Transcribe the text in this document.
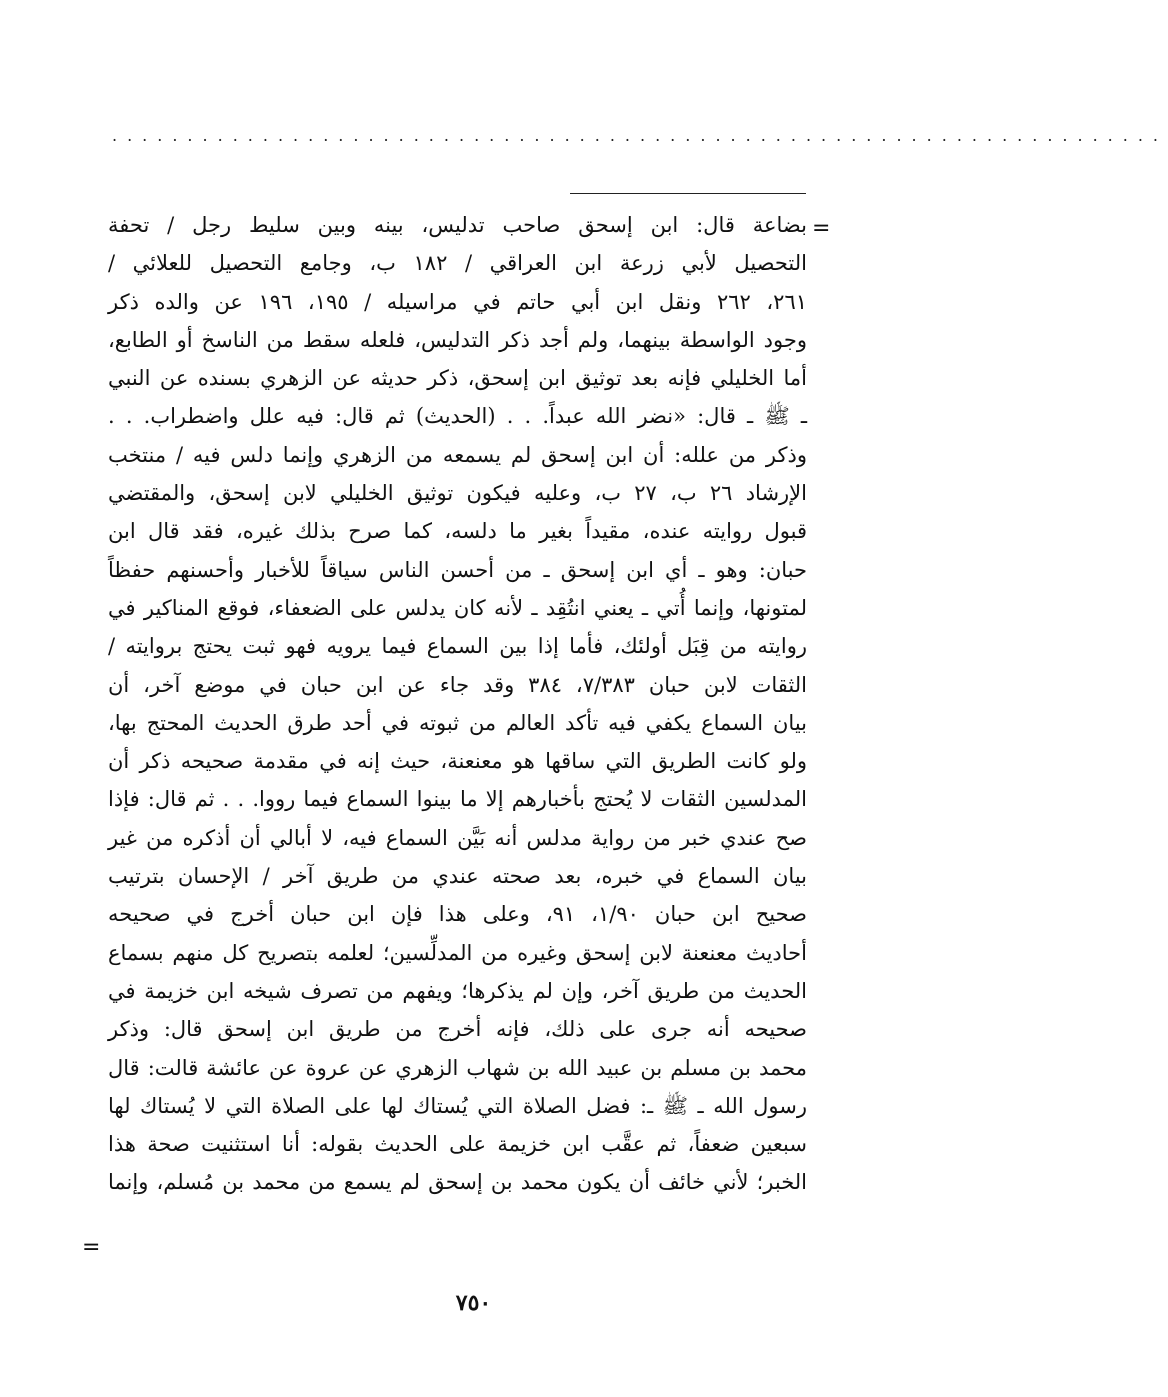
......................................................................
=
بضاعة قال: ابن إسحق صاحب تدليس، بينه وبين سليط رجل / تحفة
التحصيل لأبي زرعة ابن العراقي / ١٨٢ ب، وجامع التحصيل للعلائي /
٢٦١، ٢٦٢ ونقل ابن أبي حاتم في مراسيله / ١٩٥، ١٩٦ عن والده ذكر
وجود الواسطة بينهما، ولم أجد ذكر التدليس، فلعله سقط من الناسخ أو الطابع،
أما الخليلي فإنه بعد توثيق ابن إسحق، ذكر حديثه عن الزهري بسنده عن النبي
ـ ﷺ ـ قال: «نضر الله عبداً. . . (الحديث) ثم قال: فيه علل واضطراب. . .
وذكر من علله: أن ابن إسحق لم يسمعه من الزهري وإنما دلس فيه / منتخب
الإرشاد ٢٦ ب، ٢٧ ب، وعليه فيكون توثيق الخليلي لابن إسحق، والمقتضي
قبول روايته عنده، مقيداً بغير ما دلسه، كما صرح بذلك غيره، فقد قال ابن
حبان: وهو ـ أي ابن إسحق ـ من أحسن الناس سياقاً للأخبار وأحسنهم حفظاً
لمتونها، وإنما أُتي ـ يعني انتُقِد ـ لأنه كان يدلس على الضعفاء، فوقع المناكير في
روايته من قِبَل أولئك، فأما إذا بين السماع فيما يرويه فهو ثبت يحتج بروايته /
الثقات لابن حبان ٧/٣٨٣، ٣٨٤ وقد جاء عن ابن حبان في موضع آخر، أن
بيان السماع يكفي فيه تأكد العالم من ثبوته في أحد طرق الحديث المحتج بها،
ولو كانت الطريق التي ساقها هو معنعنة، حيث إنه في مقدمة صحيحه ذكر أن
المدلسين الثقات لا يُحتج بأخبارهم إلا ما بينوا السماع فيما رووا. . . ثم قال: فإذا
صح عندي خبر من رواية مدلس أنه بَيَّن السماع فيه، لا أبالي أن أذكره من غير
بيان السماع في خبره، بعد صحته عندي من طريق آخر / الإحسان بترتيب
صحيح ابن حبان ١/٩٠، ٩١، وعلى هذا فإن ابن حبان أخرج في صحيحه
أحاديث معنعنة لابن إسحق وغيره من المدلِّسين؛ لعلمه بتصريح كل منهم بسماع
الحديث من طريق آخر، وإن لم يذكرها؛ ويفهم من تصرف شيخه ابن خزيمة في
صحيحه أنه جرى على ذلك، فإنه أخرج من طريق ابن إسحق قال: وذكر
محمد بن مسلم بن عبيد الله بن شهاب الزهري عن عروة عن عائشة قالت: قال
رسول الله ـ ﷺ ـ: فضل الصلاة التي يُستاك لها على الصلاة التي لا يُستاك لها
سبعين ضعفاً، ثم عقَّب ابن خزيمة على الحديث بقوله: أنا استثنيت صحة هذا
الخبر؛ لأني خائف أن يكون محمد بن إسحق لم يسمع من محمد بن مُسلم، وإنما
=
٧٥٠
